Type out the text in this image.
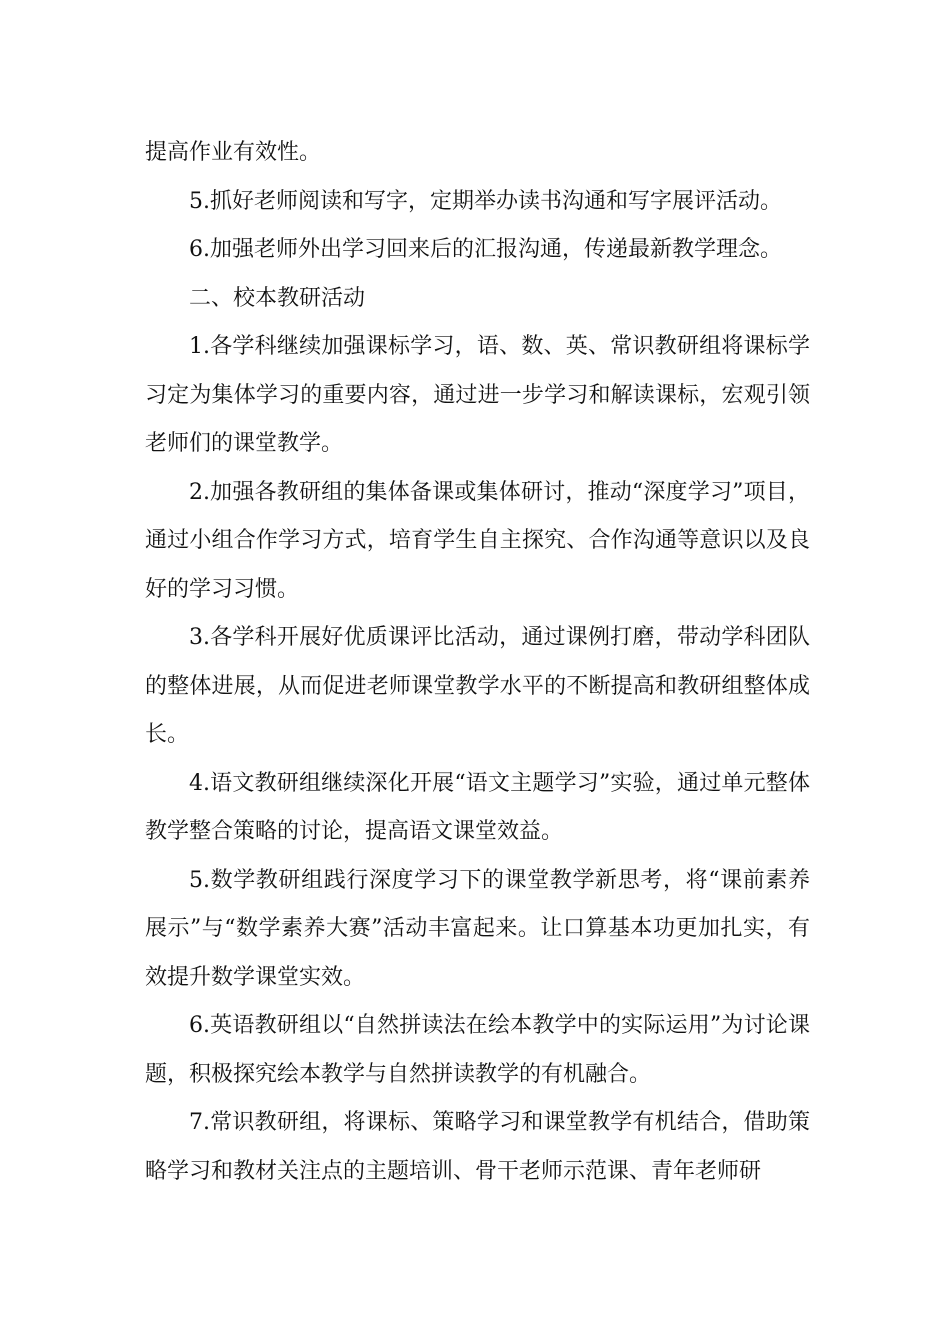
提高作业有效性。

5.抓好老师阅读和写字，定期举办读书沟通和写字展评活动。

6.加强老师外出学习回来后的汇报沟通，传递最新教学理念。

二、校本教研活动

1.各学科继续加强课标学习，语、数、英、常识教研组将课标学习定为集体学习的重要内容，通过进一步学习和解读课标，宏观引领老师们的课堂教学。

2.加强各教研组的集体备课或集体研讨，推动“深度学习”项目，通过小组合作学习方式，培育学生自主探究、合作沟通等意识以及良好的学习习惯。

3.各学科开展好优质课评比活动，通过课例打磨，带动学科团队的整体进展，从而促进老师课堂教学水平的不断提高和教研组整体成长。

4.语文教研组继续深化开展“语文主题学习”实验，通过单元整体教学整合策略的讨论，提高语文课堂效益。

5.数学教研组践行深度学习下的课堂教学新思考，将“课前素养展示”与“数学素养大赛”活动丰富起来。让口算基本功更加扎实，有效提升数学课堂实效。

6.英语教研组以“自然拼读法在绘本教学中的实际运用”为讨论课题，积极探究绘本教学与自然拼读教学的有机融合。

7.常识教研组，将课标、策略学习和课堂教学有机结合，借助策略学习和教材关注点的主题培训、骨干老师示范课、青年老师研
